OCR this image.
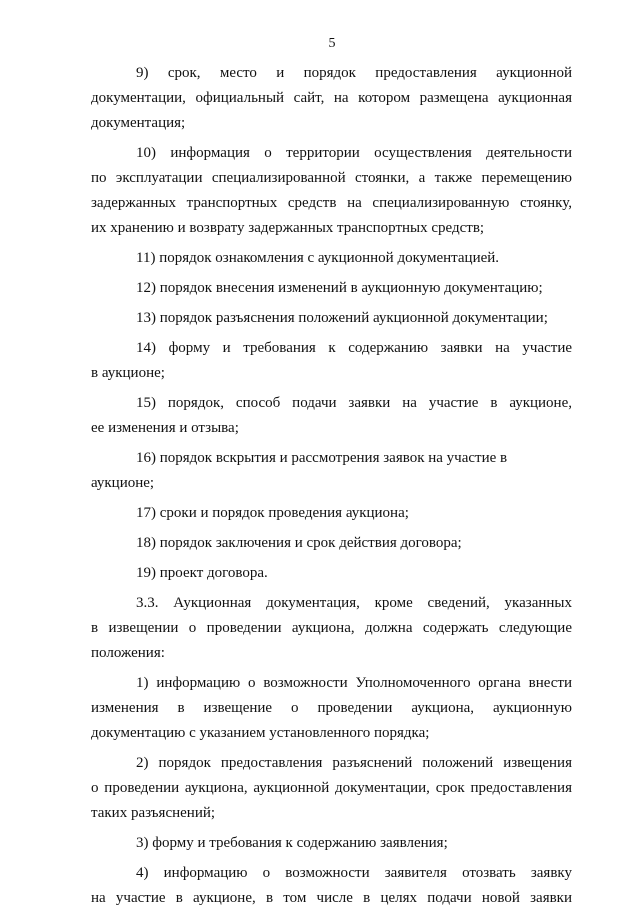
5
9) срок, место и порядок предоставления аукционной
документации, официальный сайт, на котором размещена аукционная
документация;
10) информация о территории осуществления деятельности
по эксплуатации специализированной стоянки, а также перемещению
задержанных транспортных средств на специализированную стоянку,
их хранению и возврату задержанных транспортных средств;
11) порядок ознакомления с аукционной документацией.
12) порядок внесения изменений в аукционную документацию;
13) порядок разъяснения положений аукционной документации;
14) форму и требования к содержанию заявки на участие
в аукционе;
15) порядок, способ подачи заявки на участие в аукционе,
ее изменения и отзыва;
16) порядок вскрытия и рассмотрения заявок на участие в аукционе;
17) сроки и порядок проведения аукциона;
18) порядок заключения и срок действия договора;
19) проект договора.
3.3. Аукционная документация, кроме сведений, указанных
в извещении о проведении аукциона, должна содержать следующие
положения:
1) информацию о возможности Уполномоченного органа внести
изменения в извещение о проведении аукциона, аукционную
документацию с указанием установленного порядка;
2) порядок предоставления разъяснений положений извещения
о проведении аукциона, аукционной документации, срок предоставления
таких разъяснений;
3) форму и требования к содержанию заявления;
4) информацию о возможности заявителя отозвать заявку
на участие в аукционе, в том числе в целях подачи новой заявки
